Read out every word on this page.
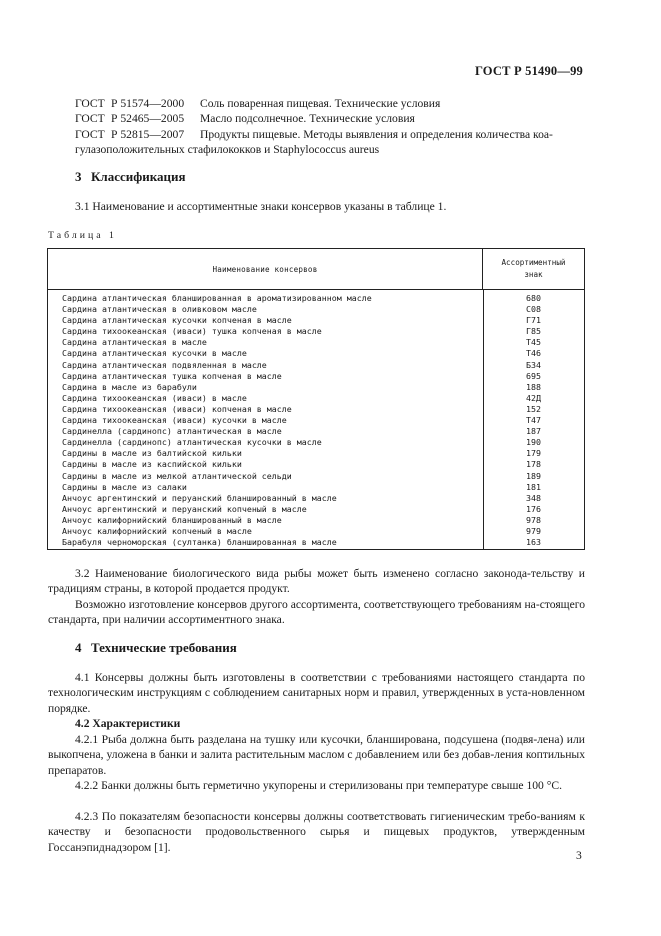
ГОСТ Р 51490—99
ГОСТ Р 51574—2000 Соль поваренная пищевая. Технические условия
ГОСТ Р 52465—2005 Масло подсолнечное. Технические условия
ГОСТ Р 52815—2007 Продукты пищевые. Методы выявления и определения количества коа-
гулазоположительных стафилококков и Staphylococcus aureus
3 Классификация
3.1 Наименование и ассортиментные знаки консервов указаны в таблице 1.
Таблица 1
Наименование консервов
Ассортиментный
знак
Сардина атлантическая бланшированная в ароматизированном масле	680
Сардина атлантическая в оливковом масле	С08
Сардина атлантическая кусочки копченая в масле	Г71
Сардина тихоокеанская (иваси) тушка копченая в масле	Г85
Сардина атлантическая в масле	Т45
Сардина атлантическая кусочки в масле	Т46
Сардина атлантическая подвяленная в масле	Б34
Сардина атлантическая тушка копченая в масле	695
Сардина в масле из барабули	188
Сардина тихоокеанская (иваси) в масле	42Д
Сардина тихоокеанская (иваси) копченая в масле	152
Сардина тихоокеанская (иваси) кусочки в масле	Т47
Сардинелла (сардинопс) атлантическая в масле	187
Сардинелла (сардинопс) атлантическая кусочки в масле	190
Сардины в масле из балтийской кильки	179
Сардины в масле из каспийской кильки	178
Сардины в масле из мелкой атлантической сельди	189
Сардины в масле из салаки	181
Анчоус аргентинский и перуанский бланшированный в масле	348
Анчоус аргентинский и перуанский копченый в масле	176
Анчоус калифорнийский бланшированный в масле	978
Анчоус калифорнийский копченый в масле	979
Барабуля черноморская (султанка) бланшированная в масле	163
3.2 Наименование биологического вида рыбы может быть изменено согласно законода-тельству и традициям страны, в которой продается продукт.
Возможно изготовление консервов другого ассортимента, соответствующего требованиям на-стоящего стандарта, при наличии ассортиментного знака.
4 Технические требования
4.1 Консервы должны быть изготовлены в соответствии с требованиями настоящего стандарта по технологическим инструкциям с соблюдением санитарных норм и правил, утвержденных в уста-новленном порядке.
4.2 Характеристики
4.2.1 Рыба должна быть разделана на тушку или кусочки, бланширована, подсушена (подвя-лена) или выкопчена, уложена в банки и залита растительным маслом с добавлением или без добав-ления коптильных препаратов.
4.2.2 Банки должны быть герметично укупорены и стерилизованы при температуре свыше 100 °С.
4.2.3 По показателям безопасности консервы должны соответствовать гигиеническим требо-ваниям к качеству и безопасности продовольственного сырья и пищевых продуктов, утвержденным Госсанэпиднадзором [1].
3
